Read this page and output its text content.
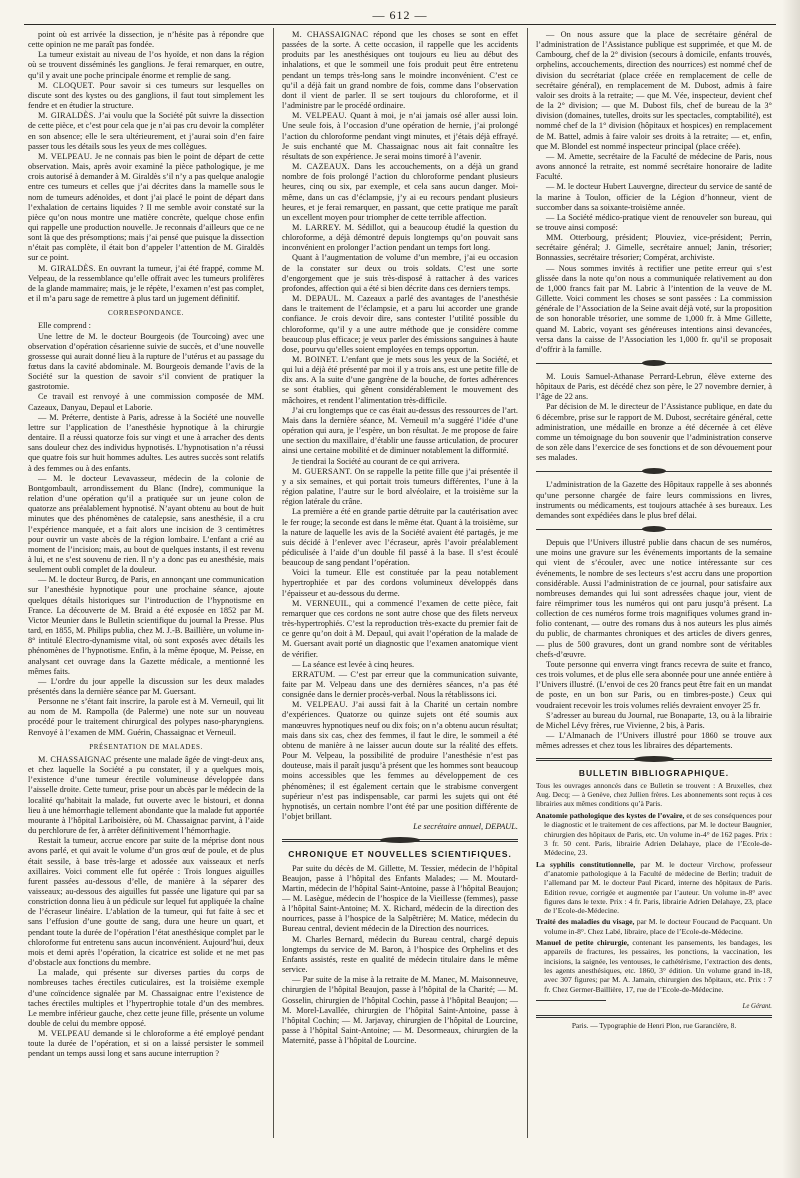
— 612 —

point où est arrivée la dissection, je n’hésite pas à répondre que cette opinion ne me paraît pas fondée.

La tumeur existait au niveau de l’os hyoïde, et non dans la région où se trouvent disséminés les ganglions. Je ferai remarquer, en outre, qu’il y avait une poche principale énorme et remplie de sang.

M. CLOQUET. Pour savoir si ces tumeurs sur lesquelles on discute sont des kystes ou des ganglions, il faut tout simplement les fendre et en étudier la structure.

M. GIRALDÈS. J’ai voulu que la Société pût suivre la dissection de cette pièce, et c’est pour cela que je n’ai pas cru devoir la compléter en son absence; elle le sera ultérieurement, et j’aurai soin d’en faire passer tous les détails sous les yeux de mes collègues.

M. VELPEAU. Je ne connais pas bien le point de départ de cette observation. Mais, après avoir examiné la pièce pathologique, je me crois autorisé à demander à M. Giraldès s’il n’y a pas quelque analogie entre ces tumeurs et celles que j’ai décrites dans la mamelle sous le nom de tumeurs adénoïdes, et dont j’ai placé le point de départ dans l’exhalation de certains liquides ? Il me semble avoir constaté sur la pièce qu’on nous montre une matière concrète, quelque chose enfin qui rappelle une production nouvelle. Je reconnais d’ailleurs que ce ne sont là que des présomptions; mais j’ai pensé que puisque la dissection n’était pas complète, il était bon d’appeler l’attention de M. Giraldès sur ce point.

M. GIRALDÈS. En ouvrant la tumeur, j’ai été frappé, comme M. Velpeau, de la ressemblance qu’elle offrait avec les tumeurs prolifères de la glande mammaire; mais, je le répète, l’examen n’est pas complet, et il m’a paru sage de remettre à plus tard un jugement définitif.

CORRESPONDANCE.

Elle comprend :

Une lettre de M. le docteur Bourgeois (de Tourcoing) avec une observation d’opération césarienne suivie de succès, et d’une nouvelle grossesse qui aurait donné lieu à la rupture de l’utérus et au passage du fœtus dans la cavité abdominale. M. Bourgeois demande l’avis de la Société sur la question de savoir s’il convient de pratiquer la gastrotomie.

Ce travail est renvoyé à une commission composée de MM. Cazeaux, Danyau, Depaul et Laborie.

— M. Préterre, dentiste à Paris, adresse à la Société une nouvelle lettre sur l’application de l’anesthésie hypnotique à la chirurgie dentaire. Il a réussi quatorze fois sur vingt et une à arracher des dents sans douleur chez des individus hypnotisés. L’hypnotisation n’a réussi que quatre fois sur huit hommes adultes. Les autres succès sont relatifs à des femmes ou à des enfants.

— M. le docteur Levavasseur, médecin de la colonie de Bontgombault, arrondissement du Blanc (Indre), communique la relation d’une opération qu’il a pratiquée sur un jeune colon de quatorze ans préalablement hypnotisé. N’ayant obtenu au bout de huit minutes que des phénomènes de catalepsie, sans anesthésie, il a cru l’expérience manquée, et a fait alors une incision de 3 centimètres pour ouvrir un vaste abcès de la région lombaire. L’enfant a crié au moment de l’incision; mais, au bout de quelques instants, il est revenu à lui, et ne s’est souvenu de rien. Il n’y a donc pas eu anesthésie, mais seulement oubli complet de la douleur.

— M. le docteur Burcq, de Paris, en annonçant une communication sur l’anesthésie hypnotique pour une prochaine séance, ajoute quelques détails historiques sur l’introduction de l’hypnotisme en France. La découverte de M. Braid a été exposée en 1852 par M. Victor Meunier dans le Bulletin scientifique du journal la Presse. Plus tard, en 1855, M. Philips publia, chez M. J.-B. Baillière, un volume in-8° intitulé Electro-dynamisme vital, où sont exposés avec détails les phénomènes de l’hypnotisme. Enfin, à la même époque, M. Peisse, en analysant cet ouvrage dans la Gazette médicale, a mentionné les mêmes faits.

— L’ordre du jour appelle la discussion sur les deux malades présentés dans la dernière séance par M. Guersant.

Personne ne s’étant fait inscrire, la parole est à M. Verneuil, qui lit au nom de M. Rampolla (de Palerme) une note sur un nouveau procédé pour le traitement chirurgical des polypes naso-pharyngiens. Renvoyé à l’examen de MM. Guérin, Chassaignac et Verneuil.

PRÉSENTATION DE MALADES.

M. CHASSAIGNAC présente une malade âgée de vingt-deux ans, et chez laquelle la Société a pu constater, il y a quelques mois, l’existence d’une tumeur érectile volumineuse développée dans l’aisselle droite. Cette tumeur, prise pour un abcès par le médecin de la localité qu’habitait la malade, fut ouverte avec le bistouri, et donna lieu à une hémorrhagie tellement abondante que la malade fut apportée mourante à l’hôpital Lariboisière, où M. Chassaignac parvint, à l’aide du perchlorure de fer, à arrêter définitivement l’hémorrhagie.

Restait la tumeur, accrue encore par suite de la méprise dont nous avons parlé, et qui avait le volume d’un gros œuf de poule, et de plus était sessile, à base très-large et adossée aux vaisseaux et nerfs axillaires. Voici comment elle fut opérée : Trois longues aiguilles furent passées au-dessous d’elle, de manière à la séparer des vaisseaux; au-dessous des aiguilles fut passée une ligature qui par sa constriction donna lieu à un pédicule sur lequel fut appliquée la chaîne de l’écraseur linéaire. L’ablation de la tumeur, qui fut faite à sec et sans l’effusion d’une goutte de sang, dura une heure un quart, et pendant toute la durée de l’opération l’état anesthésique complet par le chloroforme fut entretenu sans aucun inconvénient. Aujourd’hui, deux mois et demi après l’opération, la cicatrice est solide et ne met pas d’obstacle aux fonctions du membre.

La malade, qui présente sur diverses parties du corps de nombreuses taches érectiles cuticulaires, est la troisième exemple d’une coïncidence signalée par M. Chassaignac entre l’existence de taches érectiles multiples et l’hypertrophie totale d’un des membres. Le membre inférieur gauche, chez cette jeune fille, présente un volume double de celui du membre opposé.

M. VELPEAU demande si le chloroforme a été employé pendant toute la durée de l’opération, et si on a laissé persister le sommeil pendant un temps aussi long et sans aucune interruption ?

M. CHASSAIGNAC répond que les choses se sont en effet passées de la sorte. A cette occasion, il rappelle que les accidents produits par les anesthésiques ont toujours eu lieu au début des inhalations, et que le sommeil une fois produit peut être entretenu pendant un temps très-long sans le moindre inconvénient. C’est ce qu’il a déjà fait un grand nombre de fois, comme dans l’observation dont il vient de parler. Il se sert toujours du chloroforme, et il l’administre par le procédé ordinaire.

M. VELPEAU. Quant à moi, je n’ai jamais osé aller aussi loin. Une seule fois, à l’occasion d’une opération de hernie, j’ai prolongé l’action du chloroforme pendant vingt minutes, et j’étais déjà effrayé. Je suis enchanté que M. Chassaignac nous ait fait connaître les résultats de son expérience. Je serai moins timoré à l’avenir.

M. CAZEAUX. Dans les accouchements, on a déjà un grand nombre de fois prolongé l’action du chloroforme pendant plusieurs heures, cinq ou six, par exemple, et cela sans aucun danger. Moi-même, dans un cas d’éclampsie, j’y ai eu recours pendant plusieurs heures, et je ferai remarquer, en passant, que cette pratique me paraît un excellent moyen pour triompher de cette terrible affection.

M. LARREY. M. Sédillot, qui a beaucoup étudié la question du chloroforme, a déjà démontré depuis longtemps qu’on pouvait sans inconvénient en prolonger l’action pendant un temps fort long.

Quant à l’augmentation de volume d’un membre, j’ai eu occasion de la constater sur deux ou trois soldats. C’est une sorte d’engorgement que je suis très-disposé à rattacher à des varices profondes, affection qui a été si bien décrite dans ces derniers temps.

M. DEPAUL. M. Cazeaux a parlé des avantages de l’anesthésie dans le traitement de l’éclampsie, et a paru lui accorder une grande confiance. Je crois devoir dire, sans contester l’utilité possible du chloroforme, qu’il y a une autre méthode que je considère comme beaucoup plus efficace; je veux parler des émissions sanguines à haute dose, pourvu qu’elles soient employées en temps opportun.

M. BOINET. L’enfant que je mets sous les yeux de la Société, et qui lui a déjà été présenté par moi il y a trois ans, est une petite fille de dix ans. A la suite d’une gangrène de la bouche, de fortes adhérences se sont établies, qui gênent considérablement le mouvement des mâchoires, et rendent l’alimentation très-difficile.

J’ai cru longtemps que ce cas était au-dessus des ressources de l’art. Mais dans la dernière séance, M. Verneuil m’a suggéré l’idée d’une opération qui aura, je l’espère, un bon résultat. Je me propose de faire une section du maxillaire, d’établir une fausse articulation, de procurer ainsi une certaine mobilité et de diminuer notablement la difformité.

Je tiendrai la Société au courant de ce qui arrivera.

M. GUERSANT. On se rappelle la petite fille que j’ai présentée il y a six semaines, et qui portait trois tumeurs différentes, l’une à la région palatine, l’autre sur le bord alvéolaire, et la troisième sur la région latérale du crâne.

La première a été en grande partie détruite par la cautérisation avec le fer rouge; la seconde est dans le même état. Quant à la troisième, sur la nature de laquelle les avis de la Société avaient été partagés, je me suis décidé à l’enlever avec l’écraseur, après l’avoir préalablement pédiculisée à l’aide d’un double fil passé à la base. Il s’est écoulé beaucoup de sang pendant l’opération.

Voici la tumeur. Elle est constituée par la peau notablement hypertrophiée et par des cordons volumineux développés dans l’épaisseur et au-dessous du derme.

M. VERNEUIL, qui a commencé l’examen de cette pièce, fait remarquer que ces cordons ne sont autre chose que des filets nerveux très-hypertrophiés. C’est la reproduction très-exacte du premier fait de ce genre qu’on doit à M. Depaul, qui avait l’opération de la malade de M. Guersant avait porté un diagnostic que l’examen anatomique vient de vérifier.

— La séance est levée à cinq heures.

ERRATUM. — C’est par erreur que la communication suivante, faite par M. Velpeau dans une des dernières séances, n’a pas été consignée dans le dernier procès-verbal. Nous la rétablissons ici.

M. VELPEAU. J’ai aussi fait à la Charité un certain nombre d’expériences. Quatorze ou quinze sujets ont été soumis aux manœuvres hypnotiques neuf ou dix fois; on n’a obtenu aucun résultat; mais dans six cas, chez des femmes, il faut le dire, le sommeil a été obtenu de manière à ne laisser aucun doute sur la réalité des effets. Pour M. Velpeau, la possibilité de produire l’anesthésie n’est pas douteuse, mais il paraît jusqu’à présent que les hommes sont beaucoup moins accessibles que les femmes au développement de ces phénomènes; il est également certain que le strabisme convergent supérieur n’est pas indispensable, car parmi les sujets qui ont été hypnotisés, un certain nombre l’ont été par une position différente de l’objet brillant.

Le secrétaire annuel, DEPAUL.

CHRONIQUE ET NOUVELLES SCIENTIFIQUES.

Par suite du décès de M. Gillette, M. Tessier, médecin de l’hôpital Beaujon, passe à l’hôpital des Enfants Malades; — M. Moutard-Martin, médecin de l’hôpital Saint-Antoine, passe à l’hôpital Beaujon; — M. Lasègue, médecin de l’hospice de la Vieillesse (femmes), passe à l’hôpital Saint-Antoine; M. X. Richard, médecin de la direction des nourrices, passe à l’hospice de la Salpêtrière; M. Matice, médecin du Bureau central, devient médecin de la Direction des nourrices.

M. Charles Bernard, médecin du Bureau central, chargé depuis longtemps du service de M. Baron, à l’hospice des Orphelins et des Enfants assistés, reste en qualité de médecin titulaire dans le même service.

— Par suite de la mise à la retraite de M. Manec, M. Maisonneuve, chirurgien de l’hôpital Beaujon, passe à l’hôpital de la Charité; — M. Gosselin, chirurgien de l’hôpital Cochin, passe à l’hôpital Beaujon; — M. Morel-Lavallée, chirurgien de l’hôpital Saint-Antoine, passe à l’hôpital Cochin; — M. Jarjavay, chirurgien de l’hôpital de Lourcine, passe à l’hôpital Saint-Antoine; — M. Desormeaux, chirurgien de la Maternité, passe à l’hôpital de Lourcine.

— On nous assure que la place de secrétaire général de l’administration de l’Assistance publique est supprimée, et que M. de Cambourg, chef de la 2° division (secours à domicile, enfants trouvés, orphelins, accouchements, direction des nourrices) est nommé chef de division du secrétariat (place créée en remplacement de celle de secrétaire général), en remplacement de M. Dubost, admis à faire valoir ses droits à la retraite; — que M. Vée, inspecteur, devient chef de la 2° division; — que M. Dubost fils, chef de bureau de la 3° division (domaines, tutelles, droits sur les spectacles, comptabilité), est nommé chef de la 1° division (hôpitaux et hospices) en remplacement de M. Battel, admis à faire valoir ses droits à la retraite; — et, enfin, que M. Blondel est nommé inspecteur principal (place créée).

— M. Amette, secrétaire de la Faculté de médecine de Paris, nous avons annoncé la retraite, est nommé secrétaire honoraire de ladite Faculté.

— M. le docteur Hubert Lauvergne, directeur du service de santé de la marine à Toulon, officier de la Légion d’honneur, vient de succomber dans sa soixante-troisième année.

— La Société médico-pratique vient de renouveler son bureau, qui se trouve ainsi composé:

MM. Otterbourg, président; Plouviez, vice-président; Perrin, secrétaire général; J. Gimelle, secrétaire annuel; Janin, trésorier; Bonnassies, secrétaire trésorier; Compérat, archiviste.

— Nous sommes invités à rectifier une petite erreur qui s’est glissée dans la note qu’on nous a communiquée relativement au don de 1,000 francs fait par M. Labric à l’intention de la veuve de M. Gillette. Voici comment les choses se sont passées : La commission générale de l’Association de la Seine avait déjà voté, sur la proposition de son honorable trésorier, une somme de 1,000 fr. à Mme Gillette, quand M. Labric, voyant ses généreuses intentions ainsi devancées, versa dans la caisse de l’Association les 1,000 fr. qu’il se proposait d’offrir à la famille.

M. Louis Samuel-Athanase Perrard-Lebrun, élève externe des hôpitaux de Paris, est décédé chez son père, le 27 novembre dernier, à l’âge de 22 ans.

Par décision de M. le directeur de l’Assistance publique, en date du 6 décembre, prise sur le rapport de M. Dubost, secrétaire général, cette administration, une médaille en bronze a été décernée à cet élève comme un témoignage du bon souvenir que l’administration conserve de son zèle dans l’exercice de ses fonctions et de son dévouement pour ses malades.

L’administration de la Gazette des Hôpitaux rappelle à ses abonnés qu’une personne chargée de faire leurs commissions en livres, instruments ou médicaments, est toujours attachée à ses bureaux. Les demandes sont expédiées dans le plus bref délai.

Depuis que l’Univers illustré publie dans chacun de ses numéros, une moins une gravure sur les événements importants de la semaine qui vient de s’écouler, avec une notice intéressante sur ces événements, le nombre de ses lecteurs s’est accru dans une proportion considérable. Aussi l’administration de ce journal, pour satisfaire aux nombreuses demandes qui lui sont adressées chaque jour, vient de faire réimprimer tous les numéros qui ont paru jusqu’à présent. La collection de ces numéros forme trois magnifiques volumes grand in-folio contenant, — outre des romans dus à nos auteurs les plus aimés du public, de charmantes chroniques et des articles de divers genres, — plus de 500 gravures, dont un grand nombre sont de véritables chefs-d’œuvre.

Toute personne qui enverra vingt francs recevra de suite et franco, ces trois volumes, et de plus elle sera abonnée pour une année entière à l’Univers illustré. (L’envoi de ces 20 francs peut être fait en un mandat de poste, en un bon sur Paris, ou en timbres-poste.) Ceux qui voudraient recevoir les trois volumes reliés devraient envoyer 25 fr.

S’adresser au bureau du Journal, rue Bonaparte, 13, ou à la librairie de Michel Lévy frères, rue Vivienne, 2 bis, à Paris.

— L’Almanach de l’Univers illustré pour 1860 se trouve aux mêmes adresses et chez tous les libraires des départements.

BULLETIN BIBLIOGRAPHIQUE.

Tous les ouvrages annoncés dans ce Bulletin se trouvent : A Bruxelles, chez Aug. Decq; — à Genève, chez Jullien frères. Les abonnements sont reçus à ces librairies aux mêmes conditions qu’à Paris.

Anatomie pathologique des kystes de l’ovaire, et de ses conséquences pour le diagnostic et le traitement de ces affections, par M. le docteur Baugnier, chirurgien des hôpitaux de Paris, etc. Un volume in-4° de 162 pages. Prix : 3 fr. 50 cent. Paris, librairie Adrien Delahaye, place de l’Ecole-de-Médecine, 23.

La syphilis constitutionnelle, par M. le docteur Virchow, professeur d’anatomie pathologique à la Faculté de médecine de Berlin; traduit de l’allemand par M. le docteur Paul Picard, interne des hôpitaux de Paris. Edition revue, corrigée et augmentée par l’auteur. Un volume in-8° avec figures dans le texte. Prix : 4 fr. Paris, librairie Adrien Delahaye, 23, place de l’Ecole-de-Médecine.

Traité des maladies du visage, par M. le docteur Foucaud de Pacquant. Un volume in-8°. Chez Labé, libraire, place de l’Ecole-de-Médecine.

Manuel de petite chirurgie, contenant les pansements, les bandages, les appareils de fractures, les pessaires, les ponctions, la vaccination, les incisions, la saignée, les ventouses, le cathétérisme, l’extraction des dents, les agents anesthésiques, etc. 1860, 3° édition. Un volume grand in-18, avec 307 figures; par M. A. Jamain, chirurgien des hôpitaux, etc. Prix : 7 fr. Chez Germer-Baillière, 17, rue de l’Ecole-de-Médecine.

Le Gérant.

Paris. — Typographie de Henri Plon, rue Garancière, 8.
